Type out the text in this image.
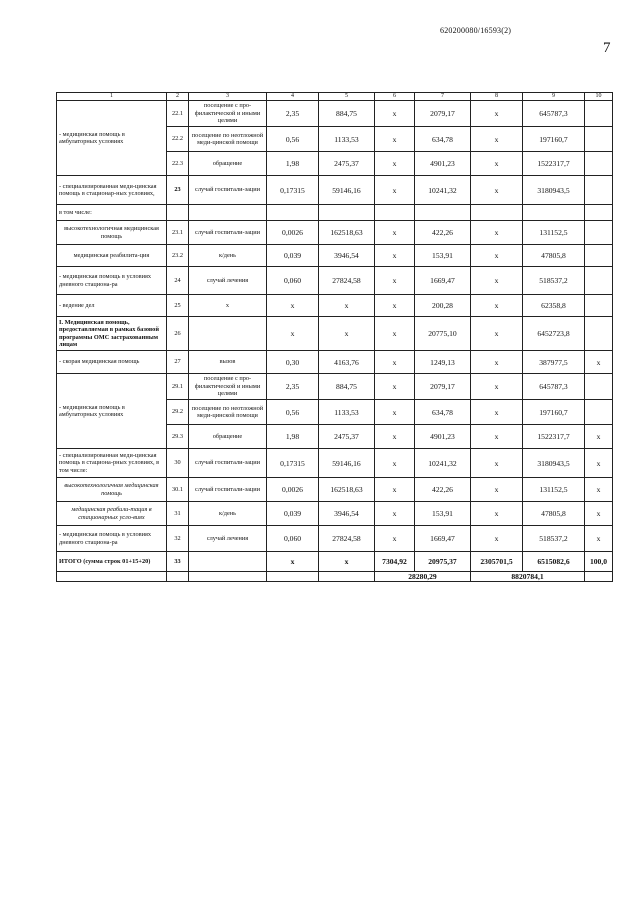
620200080/16593(2)
7
1	2	3	4	5	6	7	8	9	10
- медицинская помощь в амбулаторных условиях	22.1	посещение с про-филактической и иными целями	2,35	884,75	x	2079,17	x	645787,3	
	22.2	посещение по неотложной меди-цинской помощи	0,56	1133,53	x	634,78	x	197160,7	
	22.3	обращение	1,98	2475,37	x	4901,23	x	1522317,7	
- специализированная меди-цинская помощь в стационар-ных условиях,	23	случай госпитали-зации	0,17315	59146,16	x	10241,32	x	3180943,5	
в том числе:									
высокотехнологичная медицинская помощь	23.1	случай госпитали-зации	0,0026	162518,63	x	422,26	x	131152,5	
медицинская реабилита-ция	23.2	к/день	0,039	3946,54	x	153,91	x	47805,8	
- медицинская помощь в условиях дневного стациона-ра	24	случай лечения	0,060	27824,58	x	1669,47	x	518537,2	
- ведение дел	25	x	x	x	x	200,28	x	62358,8	
I. Медицинская помощь, предоставляемая в рамках базовой программы ОМС застрахованным лицам	26		x	x	x	20775,10	x	6452723,8	
- скорая медицинская помощь	27	вызов	0,30	4163,76	x	1249,13	x	387977,5	x
- медицинская помощь в амбулаторных условиях	29.1	посещение с про-филактической и иными целями	2,35	884,75	x	2079,17	x	645787,3	
	29.2	посещение по неотложной меди-цинской помощи	0,56	1133,53	x	634,78	x	197160,7	
	29.3	обращение	1,98	2475,37	x	4901,23	x	1522317,7	x
- специализированная меди-цинская помощь в стациона-рных условиях, в том числе:	30	случай госпитали-зации	0,17315	59146,16	x	10241,32	x	3180943,5	x
высокотехнологичная медицинская помощь	30.1	случай госпитали-зации	0,0026	162518,63	x	422,26	x	131152,5	x
медицинская реабили-тация в стационарных усло-виях	31	к/день	0,039	3946,54	x	153,91	x	47805,8	x
- медицинская помощь в условиях дневного стациона-ра	32	случай лечения	0,060	27824,58	x	1669,47	x	518537,2	x
ИТОГО (сумма строк 01+15+20)	33		x	x	7304,92	20975,37	2305701,5	6515082,6	100,0
					28280,29		8820784,1		
